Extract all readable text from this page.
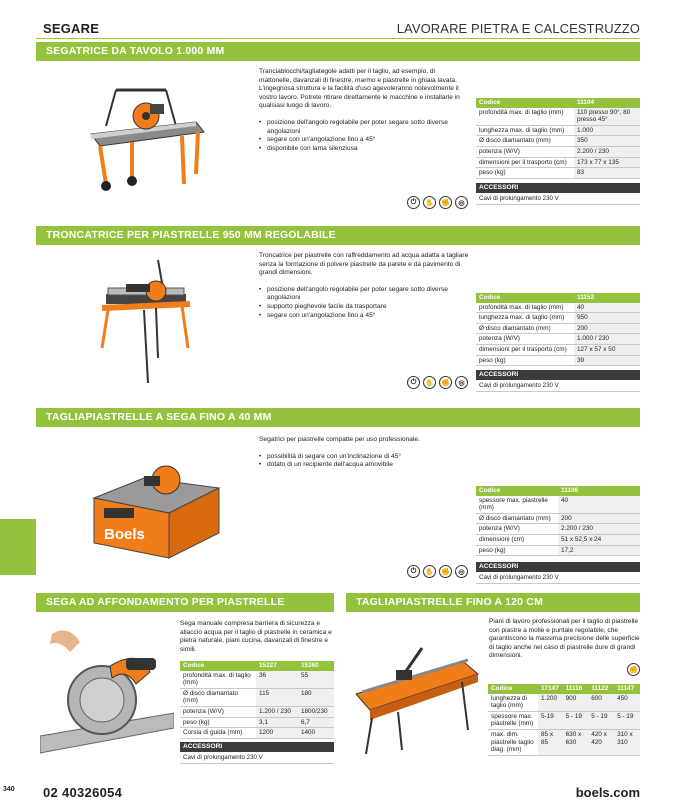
SEGARE	LAVORARE PIETRA E CALCESTRUZZO
SEGATRICE DA TAVOLO 1.000 MM

Tranciablocchi/tagliategole adatti per il taglio, ad esempio, di mattonelle, davanzali di finestre, marmo e piastrelle in ghiaia lavata. L'ingegnosa struttura e la facilità d'uso agevoleranno notevolmente il vostro lavoro. Potrete ritirare direttamente le macchine e installarle in qualsiasi luogo di lavoro.

• posizione dell'angolo regolabile per poter segare sotto diverse angolazioni
• segare con un'angolazione fino a 45°
• disponibile con lama silenziosa
Codice	11104
profondità max. di taglio (mm)	110 presso 90°, 80 presso 45°
lunghezza max. di taglio (mm)	1.000
Ø disco diamantato (mm)	350
potenza (W/V)	2.200 / 230
dimensioni per il trasporto (cm)	173 x 77 x 135
peso (kg)	83
ACCESSORI
Cavi di prolungamento 230 V
⏻	✋	✊	◎
TRONCATRICE PER PIASTRELLE 950 MM REGOLABILE

Troncatrice per piastrelle con raffreddamento ad acqua adatta a tagliare senza la formazione di polvere piastrelle da parete e da pavimento di grandi dimensioni.

• posizione dell'angolo regolabile per poter segare sotto diverse angolazioni
• supporto pieghevole facile da trasportare
• segare con un'angolazione fino a 45°
Codice	11152
profondità max. di taglio (mm)	40
lunghezza max. di taglio (mm)	950
Ø disco diamantato (mm)	200
potenza (W/V)	1.000 / 230
dimensioni per il trasporto (cm)	127 x 57 x 50
peso (kg)	39
ACCESSORI
Cavi di prolungamento 230 V
⏻	✋	✊	◎
TAGLIAPIASTRELLE A SEGA FINO A 40 MM
Boels

Segatrici per piastrelle compatte per uso professionale.

• possibilità di segare con un'inclinazione di 45°
• dotato di un recipiente dell'acqua amovibile
Codice	11106
spessore max. piastrelle (mm)	40
Ø disco diamantato (mm)	200
potenza (W/V)	2.200 / 230
dimensioni (cm)	51 x 52,5 x 24
peso (kg)	17,2
ACCESSORI
Cavi di prolungamento 230 V
⏻	✋	✊	◎
SEGA AD AFFONDAMENTO PER PIASTRELLE

Sega manuale compresa barriera di sicurezza e allaccio acqua per il taglio di piastrelle in ceramica e pietra naturale, piani cucina, davanzali di finestre e simili.

Codice	15227	15360
profondità max. di taglio (mm)	36	55
Ø disco diamantato (mm)	115	180
potenza (W/V)	1.200 / 230	1800/230
peso (kg)	3,1	6,7
Corsia di guida (mm)	1200	1400
ACCESSORI
Cavi di prolungamento 230 V
TAGLIAPIASTRELLE FINO A 120 CM

Piani di lavoro professionali per il taglio di piastrelle con piastre a molle e puntale regolabile, che garantiscono la massima precisione delle superficie di taglio anche nel caso di piastrelle dure di grandi dimensioni.

✊
Codice	17147	11116	11122	11147
lunghezza di taglio (mm)	1.200	900	600	450
spessore max. piastrelle (mm)	5-19	5 - 19	5 - 19	5 - 19
max. dim. piastrelle taglio diag. (mm)	85 x 85	630 x 630	420 x 420	310 x 310
340 02 40326054	boels.com
